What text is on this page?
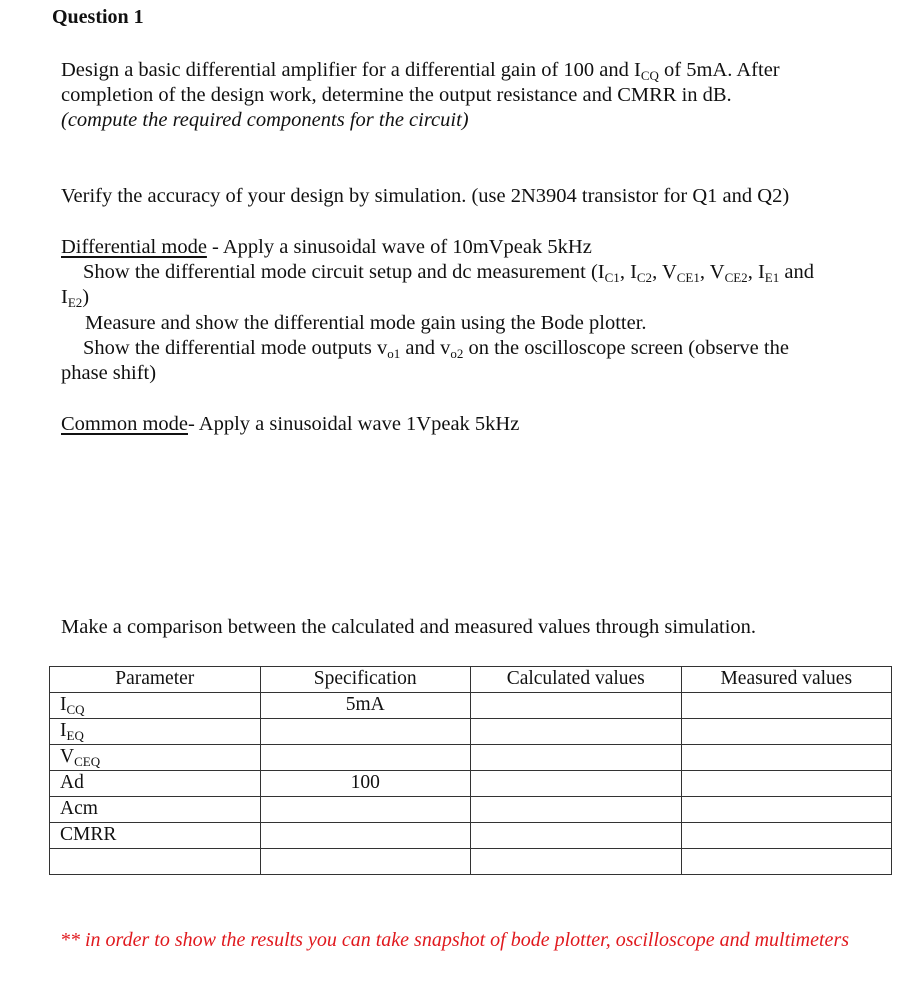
Question 1
Design a basic differential amplifier for a differential gain of 100 and $I_{CQ}$ of 5mA. After
completion of the design work, determine the output resistance and CMRR in dB.
(compute the required components for the circuit)
Verify the accuracy of your design by simulation. (use 2N3904 transistor for Q1 and Q2)
Differential mode - Apply a sinusoidal wave of 10mVpeak 5kHz
Show the differential mode circuit setup and dc measurement ($I_{C1}$, $I_{C2}$, $V_{CE1}$, $V_{CE2}$, $I_{E1}$ and
$I_{E2}$)
Measure and show the differential mode gain using the Bode plotter.
Show the differential mode outputs $v_{o1}$ and $v_{o2}$ on the oscilloscope screen (observe the
phase shift)
Common mode- Apply a sinusoidal wave 1Vpeak 5kHz
Make a comparison between the calculated and measured values through simulation.
Parameter	Specification	Calculated values	Measured values
$I_{CQ}$	5mA		
$I_{EQ}$			
$V_{CEQ}$			
Ad	100		
Acm			
CMRR			

** in order to show the results you can take snapshot of bode plotter, oscilloscope and multimeters
